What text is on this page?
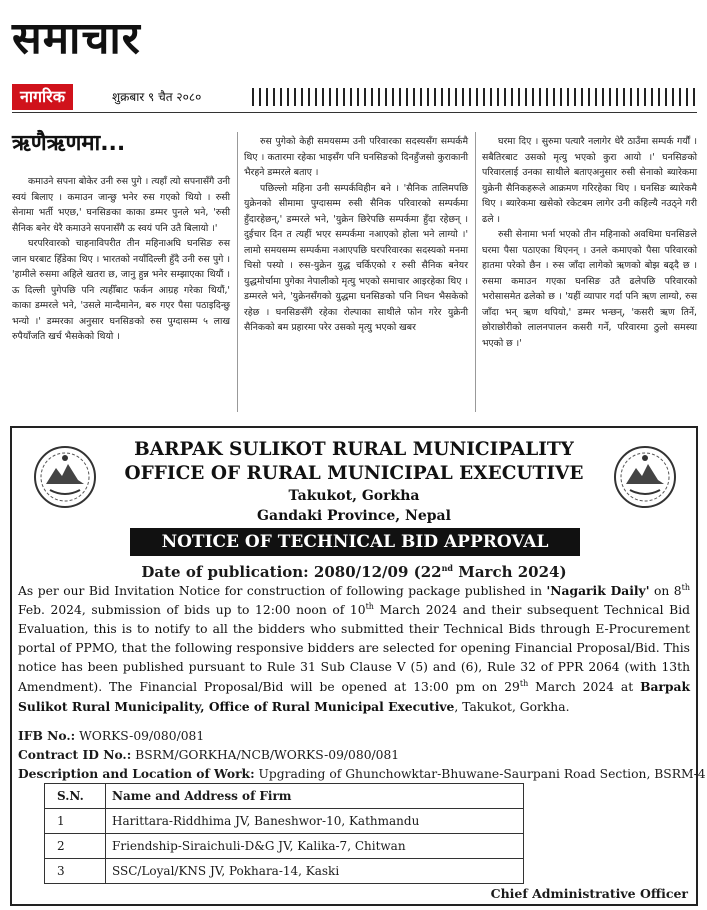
समाचार
नागरिक	शुक्रबार ९ चैत २०८०
ऋणैऋणमा...

कमाउने सपना बोकेर उनी रुस पुगे । त्यहाँ त्यो सपनासँगै उनी स्वयं बिलाए । कमाउन जान्छु भनेर रुस गएको थियो । रुसी सेनामा भर्ती भएछ,' घनसिङका काका डम्मर पुनले भने, 'रुसी सैनिक बनेर धेरै कमाउने सपनासँगै ऊ स्वयं पनि उतै बिलायो ।'

घरपरिवारको चाहनाविपरीत तीन महिनाअघि घनसिङ रुस जान घरबाट हिँडेका थिए । भारतको नयाँदिल्ली हुँदै उनी रुस पुगे । 'हामीले रुसमा अहिले खतरा छ, जानु हुन्न भनेर सम्झाएका थियौं । ऊ दिल्ली पुगेपछि पनि त्यहीँबाट फर्कन आग्रह गरेका थियौं,' काका डम्मरले भने, 'उसले मान्दैमानेन, बरु गएर पैसा पठाइदिन्छु भन्यो ।' डम्मरका अनुसार घनसिङको रुस पुग्दासम्म ५ लाख रुपैयाँजति खर्च भैसकेको थियो ।

रुस पुगेको केही समयसम्म उनी परिवारका सदस्यसँग सम्पर्कमै थिए । कतारमा रहेका भाइसँग पनि घनसिङको दिनहुँजसो कुराकानी भैरहने डम्मरले बताए ।

पछिल्लो महिना उनी सम्पर्कविहीन बने । 'सैनिक तालिमपछि युक्रेनको सीमामा पुग्दासम्म रुसी सैनिक परिवारको सम्पर्कमा हुँदारहेछन्,' डम्मरले भने, 'युक्रेन छिरेपछि सम्पर्कमा हुँदा रहेछन् । दुईचार दिन त त्यहीं भएर सम्पर्कमा नआएको होला भने लाग्यो ।' लामो समयसम्म सम्पर्कमा नआएपछि घरपरिवारका सदस्यको मनमा चिसो पस्यो । रुस-युक्रेन युद्ध चर्किएको र रुसी सैनिक बनेयर युद्धमोर्चामा पुगेका नेपालीको मृत्यु भएको समाचार आइरहेका थिए । डम्मरले भने, 'युक्रेनसँगको युद्धमा घनसिङको पनि निधन भैसकेको रहेछ । घनसिङसँगै रहेका रोल्पाका साथीले फोन गरेर युक्रेनी सैनिकको बम प्रहारमा परेर उसको मृत्यु भएको खबर

घरमा दिए । सुरुमा पत्यारै नलागेर धेरै ठाउँमा सम्पर्क गर्यौं । सबैतिरबाट उसको मृत्यु भएको कुरा आयो ।' घनसिङको परिवारलाई उनका साथीले बताएअनुसार रुसी सेनाको ब्यारेकमा युक्रेनी सैनिकहरूले आक्रमण गरिरहेका थिए । घनसिङ ब्यारेकमै थिए । ब्यारेकमा खसेको रकेटबम लागेर उनी कहिल्यै नउठ्ने गरी ढले ।

रुसी सेनामा भर्ना भएको तीन महिनाको अवधिमा घनसिङले घरमा पैसा पठाएका थिएनन् । उनले कमाएको पैसा परिवारको हातमा परेको छैन । रुस जाँदा लागेको ऋणको बोझ बढ्दै छ । रुसमा कमाउन गएका घनसिङ उतै ढलेपछि परिवारको भरोसासमेत ढलेको छ । 'यहीं व्यापार गर्दा पनि ऋण लाग्यो, रुस जाँदा भन् ऋण थपियो,' डम्मर भन्छन्, 'कसरी ऋण तिर्ने, छोराछोरीको लालनपालन कसरी गर्ने, परिवारमा ठुलो समस्या भएको छ ।'

BARPAK SULIKOT RURAL MUNICIPALITY
OFFICE OF RURAL MUNICIPAL EXECUTIVE
Takukot, Gorkha
Gandaki Province, Nepal
NOTICE OF TECHNICAL BID APPROVAL
Date of publication: 2080/12/09 (22nd March 2024)
As per our Bid Invitation Notice for construction of following package published in 'Nagarik Daily' on 8th Feb. 2024, submission of bids up to 12:00 noon of 10th March 2024 and their subsequent Technical Bid Evaluation, this is to notify to all the bidders who submitted their Technical Bids through E-Procurement portal of PPMO, that the following responsive bidders are selected for opening Financial Proposal/Bid. This notice has been published pursuant to Rule 31 Sub Clause V (5) and (6), Rule 32 of PPR 2064 (with 13th Amendment). The Financial Proposal/Bid will be opened at 13:00 pm on 29th March 2024 at Barpak Sulikot Rural Municipality, Office of Rural Municipal Executive, Takukot, Gorkha.
IFB No.: WORKS-09/080/081
Contract ID No.: BSRM/GORKHA/NCB/WORKS-09/080/081
Description and Location of Work: Upgrading of Ghunchowktar-Bhuwane-Saurpani Road Section, BSRM-4
S.N.	Name and Address of Firm
1	Harittara-Riddhima JV, Baneshwor-10, Kathmandu
2	Friendship-Siraichuli-D&G JV, Kalika-7, Chitwan
3	SSC/Loyal/KNS JV, Pokhara-14, Kaski
Chief Administrative Officer
